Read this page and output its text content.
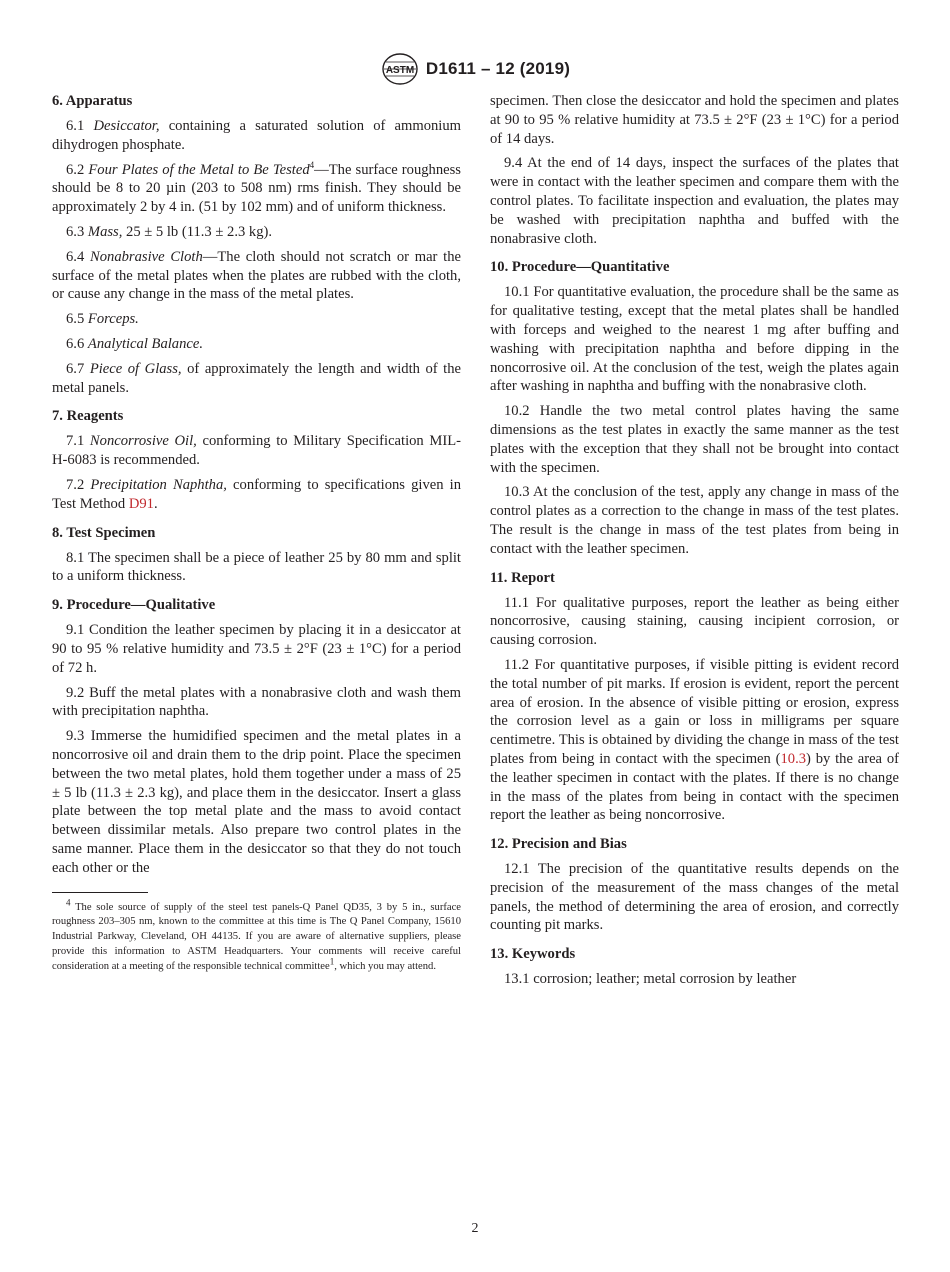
ASTM D1611 – 12 (2019)
6. Apparatus

6.1 Desiccator, containing a saturated solution of ammonium dihydrogen phosphate.

6.2 Four Plates of the Metal to Be Tested$^4$—The surface roughness should be 8 to 20 µin (203 to 508 nm) rms finish. They should be approximately 2 by 4 in. (51 by 102 mm) and of uniform thickness.

6.3 Mass, 25 ± 5 lb (11.3 ± 2.3 kg).

6.4 Nonabrasive Cloth—The cloth should not scratch or mar the surface of the metal plates when the plates are rubbed with the cloth, or cause any change in the mass of the metal plates.

6.5 Forceps.

6.6 Analytical Balance.

6.7 Piece of Glass, of approximately the length and width of the metal panels.

7. Reagents

7.1 Noncorrosive Oil, conforming to Military Specification MIL-H-6083 is recommended.

7.2 Precipitation Naphtha, conforming to specifications given in Test Method D91.

8. Test Specimen

8.1 The specimen shall be a piece of leather 25 by 80 mm and split to a uniform thickness.

9. Procedure—Qualitative

9.1 Condition the leather specimen by placing it in a desiccator at 90 to 95 % relative humidity and 73.5 ± 2°F (23 ± 1°C) for a period of 72 h.

9.2 Buff the metal plates with a nonabrasive cloth and wash them with precipitation naphtha.

9.3 Immerse the humidified specimen and the metal plates in a noncorrosive oil and drain them to the drip point. Place the specimen between the two metal plates, hold them together under a mass of 25 ± 5 lb (11.3 ± 2.3 kg), and place them in the desiccator. Insert a glass plate between the top metal plate and the mass to avoid contact between dissimilar metals. Also prepare two control plates in the same manner. Place them in the desiccator so that they do not touch each other or the

$^4$ The sole source of supply of the steel test panels-Q Panel QD35, 3 by 5 in., surface roughness 203–305 nm, known to the committee at this time is The Q Panel Company, 15610 Industrial Parkway, Cleveland, OH 44135. If you are aware of alternative suppliers, please provide this information to ASTM Headquarters. Your comments will receive careful consideration at a meeting of the responsible technical committee$^1$, which you may attend.

specimen. Then close the desiccator and hold the specimen and plates at 90 to 95 % relative humidity at 73.5 ± 2°F (23 ± 1°C) for a period of 14 days.

9.4 At the end of 14 days, inspect the surfaces of the plates that were in contact with the leather specimen and compare them with the control plates. To facilitate inspection and evaluation, the plates may be washed with precipitation naphtha and buffed with the nonabrasive cloth.

10. Procedure—Quantitative

10.1 For quantitative evaluation, the procedure shall be the same as for qualitative testing, except that the metal plates shall be handled with forceps and weighed to the nearest 1 mg after buffing and washing with precipitation naphtha and before dipping in the noncorrosive oil. At the conclusion of the test, weigh the plates again after washing in naphtha and buffing with the nonabrasive cloth.

10.2 Handle the two metal control plates having the same dimensions as the test plates in exactly the same manner as the test plates with the exception that they shall not be brought into contact with the specimen.

10.3 At the conclusion of the test, apply any change in mass of the control plates as a correction to the change in mass of the test plates. The result is the change in mass of the test plates from being in contact with the leather specimen.

11. Report

11.1 For qualitative purposes, report the leather as being either noncorrosive, causing staining, causing incipient corrosion, or causing corrosion.

11.2 For quantitative purposes, if visible pitting is evident record the total number of pit marks. If erosion is evident, report the percent area of erosion. In the absence of visible pitting or erosion, express the corrosion level as a gain or loss in milligrams per square centimetre. This is obtained by dividing the change in mass of the test plates from being in contact with the specimen (10.3) by the area of the leather specimen in contact with the plates. If there is no change in the mass of the plates from being in contact with the specimen report the leather as being noncorrosive.

12. Precision and Bias

12.1 The precision of the quantitative results depends on the precision of the measurement of the mass changes of the metal panels, the method of determining the area of erosion, and correctly counting pit marks.

13. Keywords

13.1 corrosion; leather; metal corrosion by leather

2
